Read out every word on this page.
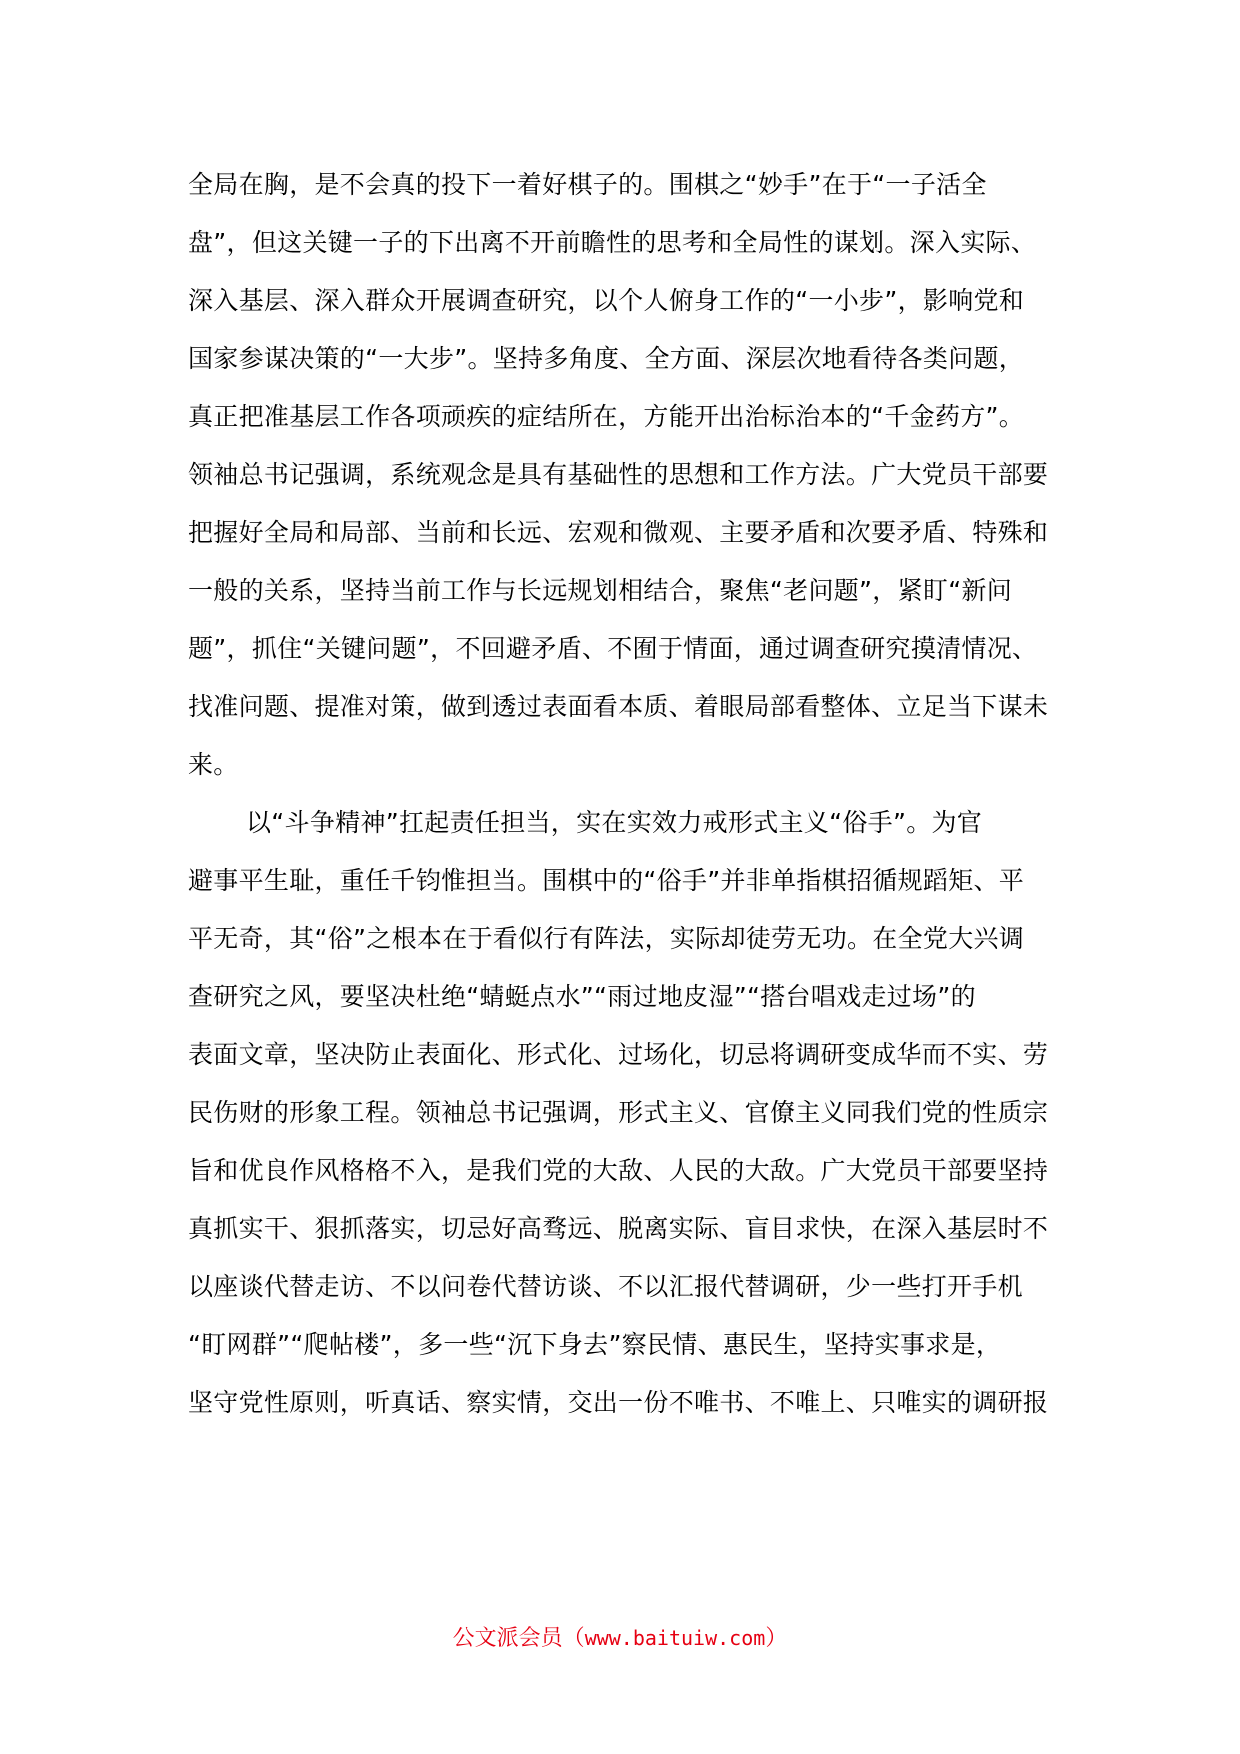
全局在胸，是不会真的投下一着好棋子的。围棋之“妙手”在于“一子活全
盘”，但这关键一子的下出离不开前瞻性的思考和全局性的谋划。深入实际、
深入基层、深入群众开展调查研究，以个人俯身工作的“一小步”，影响党和
国家参谋决策的“一大步”。坚持多角度、全方面、深层次地看待各类问题，
真正把准基层工作各项顽疾的症结所在，方能开出治标治本的“千金药方”。
领袖总书记强调，系统观念是具有基础性的思想和工作方法。广大党员干部要
把握好全局和局部、当前和长远、宏观和微观、主要矛盾和次要矛盾、特殊和
一般的关系，坚持当前工作与长远规划相结合，聚焦“老问题”，紧盯“新问
题”，抓住“关键问题”，不回避矛盾、不囿于情面，通过调查研究摸清情况、
找准问题、提准对策，做到透过表面看本质、着眼局部看整体、立足当下谋未
来。
以“斗争精神”扛起责任担当，实在实效力戒形式主义“俗手”。为官
避事平生耻，重任千钧惟担当。围棋中的“俗手”并非单指棋招循规蹈矩、平
平无奇，其“俗”之根本在于看似行有阵法，实际却徒劳无功。在全党大兴调
查研究之风，要坚决杜绝“蜻蜓点水”“雨过地皮湿”“搭台唱戏走过场”的
表面文章，坚决防止表面化、形式化、过场化，切忌将调研变成华而不实、劳
民伤财的形象工程。领袖总书记强调，形式主义、官僚主义同我们党的性质宗
旨和优良作风格格不入，是我们党的大敌、人民的大敌。广大党员干部要坚持
真抓实干、狠抓落实，切忌好高骛远、脱离实际、盲目求快，在深入基层时不
以座谈代替走访、不以问卷代替访谈、不以汇报代替调研，少一些打开手机
“盯网群”“爬帖楼”，多一些“沉下身去”察民情、惠民生，坚持实事求是，
坚守党性原则，听真话、察实情，交出一份不唯书、不唯上、只唯实的调研报
公文派会员（www.baituiw.com）
